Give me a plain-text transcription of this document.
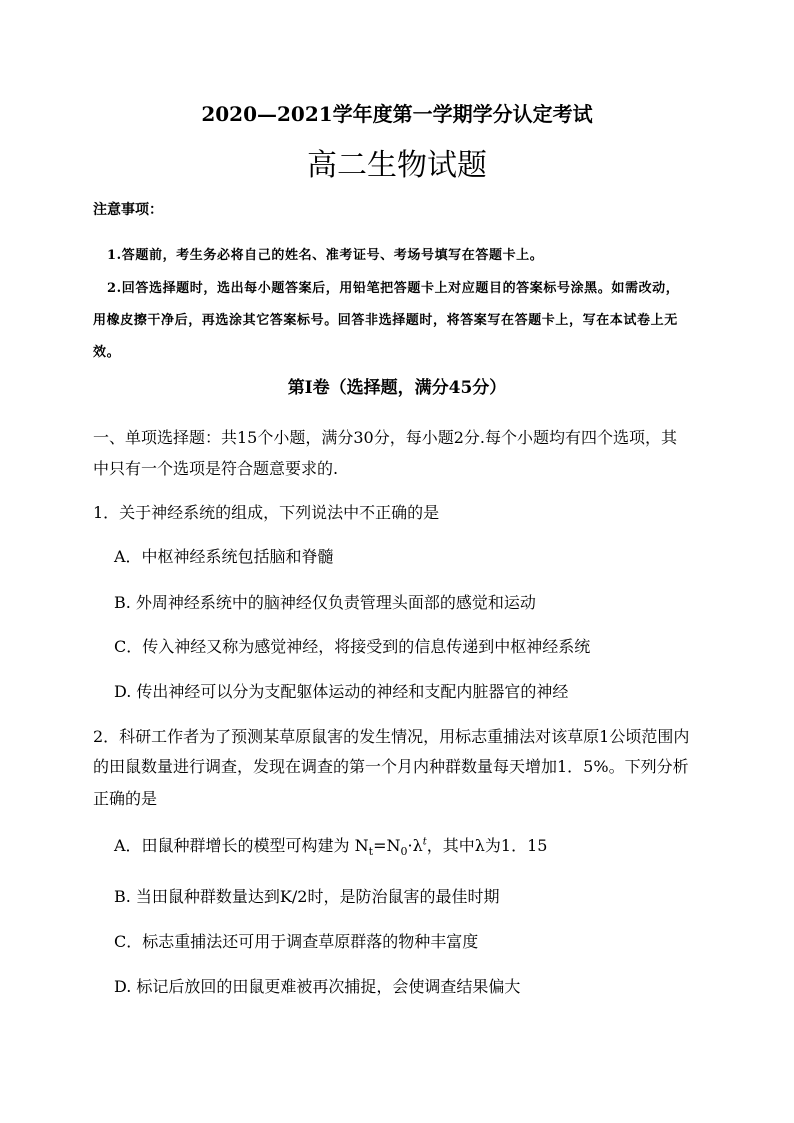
2020—2021学年度第一学期学分认定考试
高二生物试题
注意事项：
1.答题前，考生务必将自己的姓名、准考证号、考场号填写在答题卡上。
2.回答选择题时，选出每小题答案后，用铅笔把答题卡上对应题目的答案标号涂黑。如需改动，
用橡皮擦干净后，再选涂其它答案标号。回答非选择题时，将答案写在答题卡上，写在本试卷上无
效。
第Ⅰ卷（选择题，满分45分）
一、单项选择题：共15个小题，满分30分，每小题2分.每个小题均有四个选项，其
中只有一个选项是符合题意要求的.
1．关于神经系统的组成，下列说法中不正确的是
A．中枢神经系统包括脑和脊髓
B. 外周神经系统中的脑神经仅负责管理头面部的感觉和运动
C．传入神经又称为感觉神经，将接受到的信息传递到中枢神经系统
D. 传出神经可以分为支配躯体运动的神经和支配内脏器官的神经
2．科研工作者为了预测某草原鼠害的发生情况，用标志重捕法对该草原1公顷范围内
的田鼠数量进行调查，发现在调查的第一个月内种群数量每天增加1．5%。下列分析
正确的是
A．田鼠种群增长的模型可构建为 $N_t=N_0\cdot\lambda^t$，其中λ为1．15
B. 当田鼠种群数量达到K/2时，是防治鼠害的最佳时期
C．标志重捕法还可用于调查草原群落的物种丰富度
D. 标记后放回的田鼠更难被再次捕捉，会使调查结果偏大
